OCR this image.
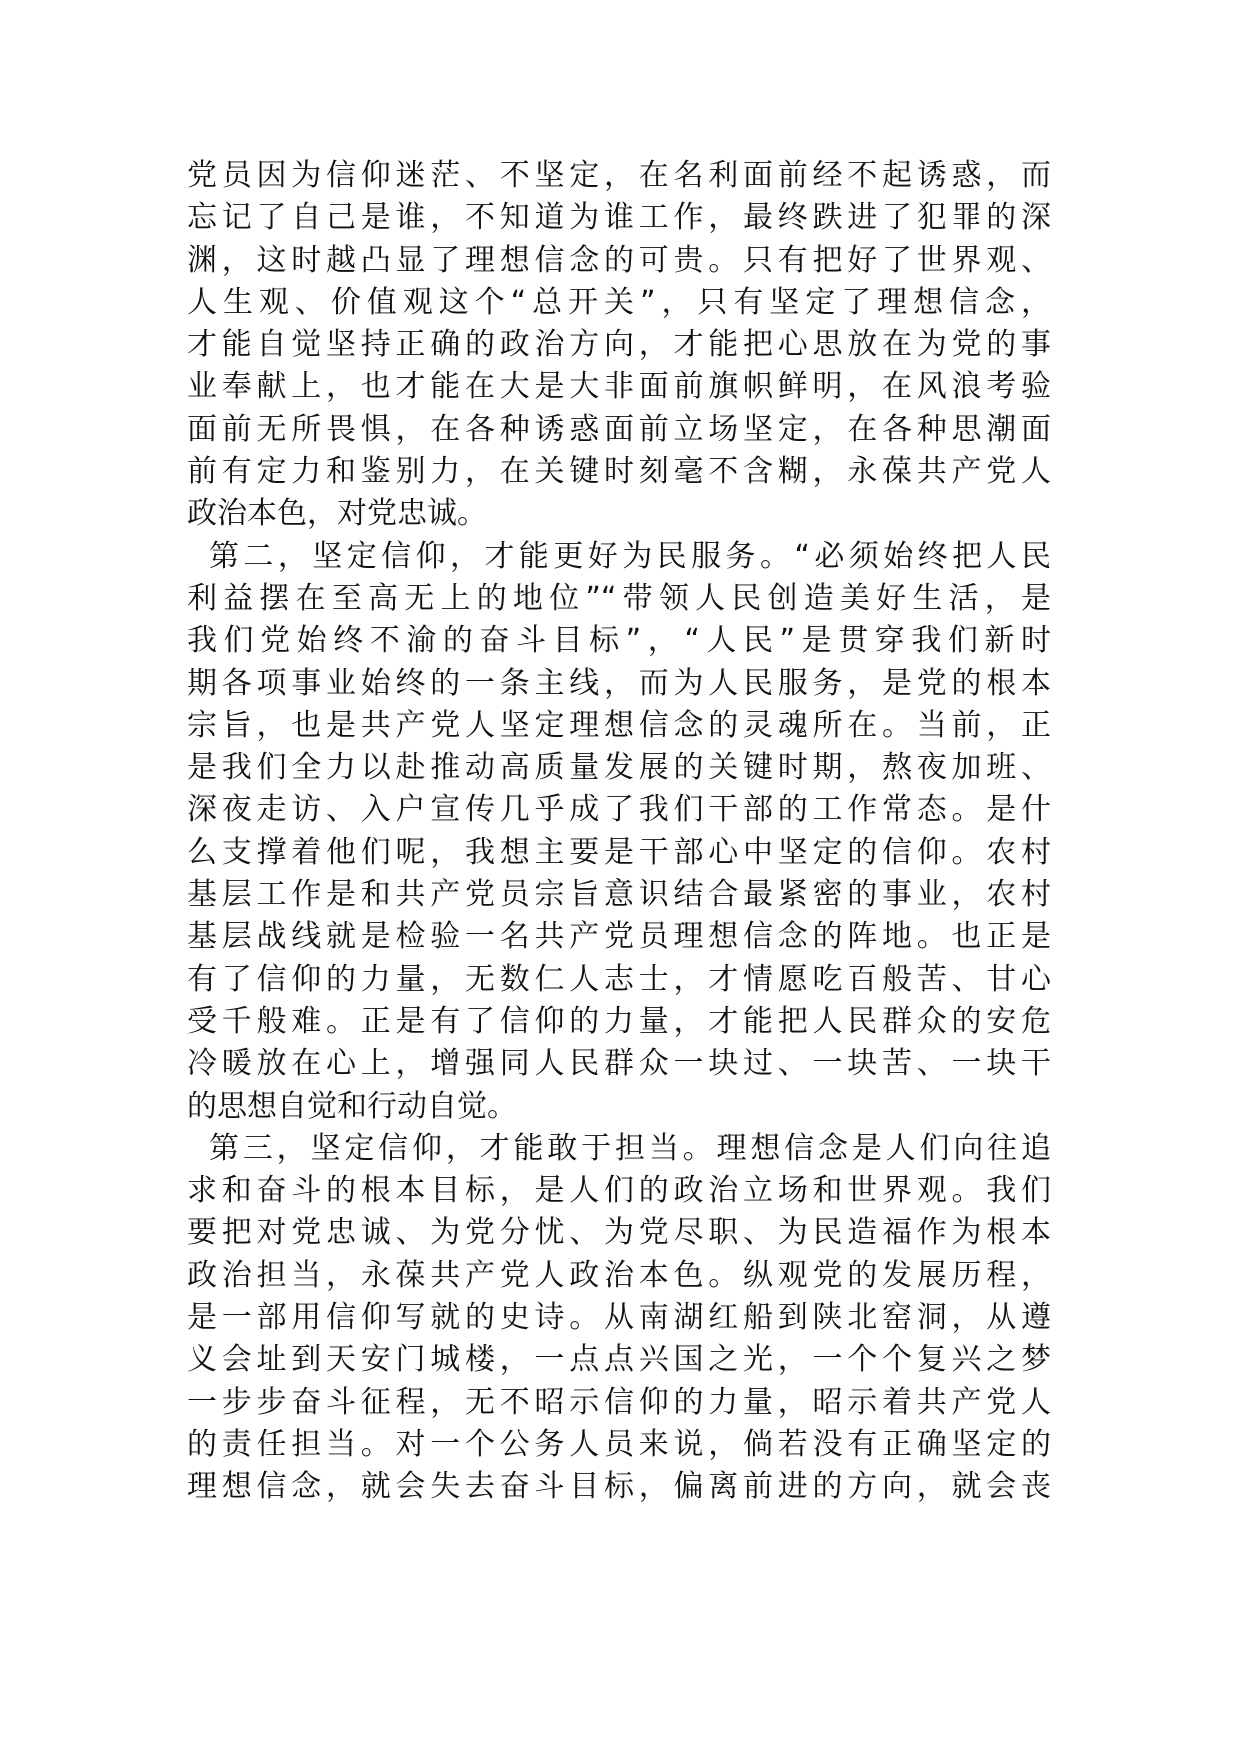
党员因为信仰迷茫、不坚定，在名利面前经不起诱惑，而
忘记了自己是谁，不知道为谁工作，最终跌进了犯罪的深
渊，这时越凸显了理想信念的可贵。只有把好了世界观、
人生观、价值观这个“总开关”，只有坚定了理想信念，
才能自觉坚持正确的政治方向，才能把心思放在为党的事
业奉献上，也才能在大是大非面前旗帜鲜明，在风浪考验
面前无所畏惧，在各种诱惑面前立场坚定，在各种思潮面
前有定力和鉴别力，在关键时刻毫不含糊，永葆共产党人
政治本色，对党忠诚。
第二，坚定信仰，才能更好为民服务。“必须始终把人民
利益摆在至高无上的地位”“带领人民创造美好生活，是
我们党始终不渝的奋斗目标”，“人民”是贯穿我们新时
期各项事业始终的一条主线，而为人民服务，是党的根本
宗旨，也是共产党人坚定理想信念的灵魂所在。当前，正
是我们全力以赴推动高质量发展的关键时期，熬夜加班、
深夜走访、入户宣传几乎成了我们干部的工作常态。是什
么支撑着他们呢，我想主要是干部心中坚定的信仰。农村
基层工作是和共产党员宗旨意识结合最紧密的事业，农村
基层战线就是检验一名共产党员理想信念的阵地。也正是
有了信仰的力量，无数仁人志士，才情愿吃百般苦、甘心
受千般难。正是有了信仰的力量，才能把人民群众的安危
冷暖放在心上，增强同人民群众一块过、一块苦、一块干
的思想自觉和行动自觉。
第三，坚定信仰，才能敢于担当。理想信念是人们向往追
求和奋斗的根本目标，是人们的政治立场和世界观。我们
要把对党忠诚、为党分忧、为党尽职、为民造福作为根本
政治担当，永葆共产党人政治本色。纵观党的发展历程，
是一部用信仰写就的史诗。从南湖红船到陕北窑洞，从遵
义会址到天安门城楼，一点点兴国之光，一个个复兴之梦
一步步奋斗征程，无不昭示信仰的力量，昭示着共产党人
的责任担当。对一个公务人员来说，倘若没有正确坚定的
理想信念，就会失去奋斗目标，偏离前进的方向，就会丧
